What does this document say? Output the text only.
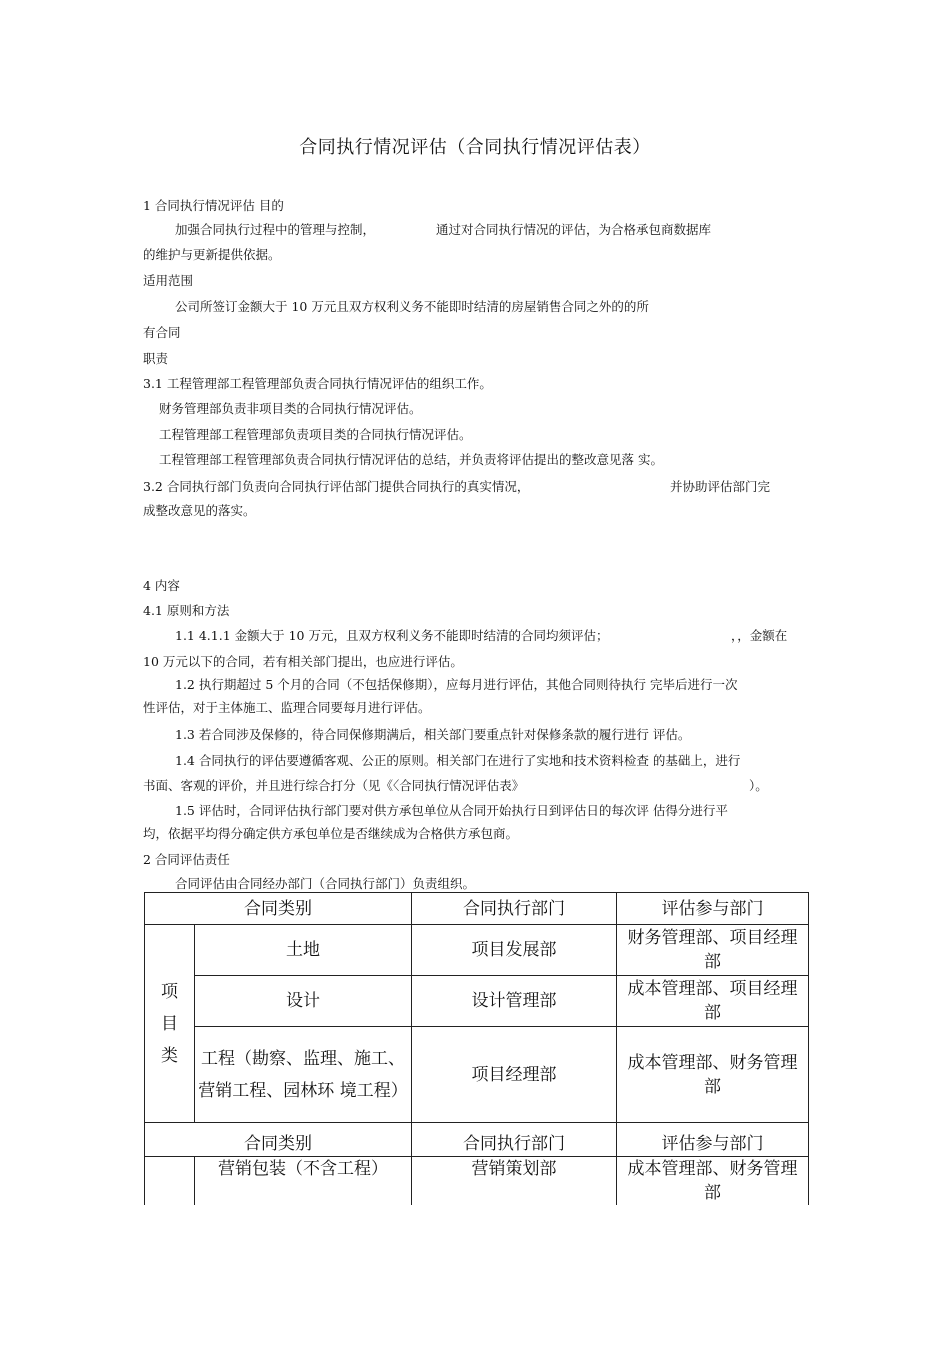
合同执行情况评估（合同执行情况评估表）
1 合同执行情况评估 目的
加强合同执行过程中的管理与控制，	通过对合同执行情况的评估，为合格承包商数据库
的维护与更新提供依据。
适用范围
公司所签订金额大于 10 万元且双方权利义务不能即时结清的房屋销售合同之外的的所
有合同
职责
3.1 工程管理部工程管理部负责合同执行情况评估的组织工作。
财务管理部负责非项目类的合同执行情况评估。
工程管理部工程管理部负责项目类的合同执行情况评估。
工程管理部工程管理部负责合同执行情况评估的总结，并负责将评估提出的整改意见落 实。
3.2 合同执行部门负责向合同执行评估部门提供合同执行的真实情况，	并协助评估部门完
成整改意见的落实。
4 内容
4.1 原则和方法
1.1 4.1.1 金额大于 10 万元，且双方权利义务不能即时结清的合同均须评估；	，，金额在
10 万元以下的合同，若有相关部门提出，也应进行评估。
1.2 执行期超过 5 个月的合同（不包括保修期），应每月进行评估，其他合同则待执行 完毕后进行一次
性评估，对于主体施工、监理合同要每月进行评估。
1.3 若合同涉及保修的，待合同保修期满后，相关部门要重点针对保修条款的履行进行 评估。
1.4 合同执行的评估要遵循客观、公正的原则。相关部门在进行了实地和技术资料检查 的基础上，进行
书面、客观的评价，并且进行综合打分（见《〈合同执行情况评估表》	）。
1.5 评估时，合同评估执行部门要对供方承包单位从合同开始执行日到评估日的每次评 估得分进行平
均，依据平均得分确定供方承包单位是否继续成为合格供方承包商。
2 合同评估责任
合同评估由合同经办部门（合同执行部门）负责组织。
合同类别		合同执行部门	评估参与部门
项目类	土地	项目发展部	财务管理部、项目经理部
	设计	设计管理部	成本管理部、项目经理部
	工程（勘察、监理、施工、营销工程、园林环 境工程）	项目经理部	成本管理部、财务管理部
合同类别		合同执行部门	评估参与部门
	营销包装（不含工程）	营销策划部	成本管理部、财务管理部
